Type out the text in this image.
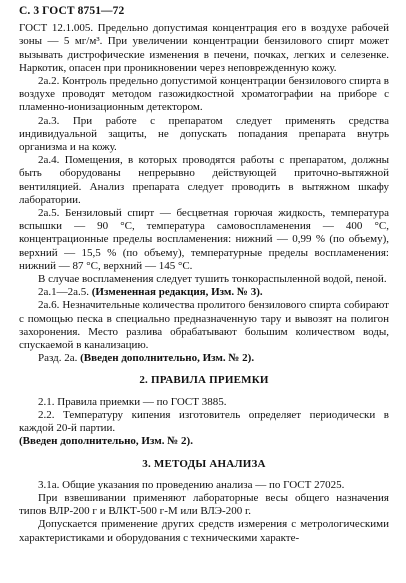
С. 3 ГОСТ 8751—72

ГОСТ 12.1.005. Предельно допустимая концентрация его в воздухе рабочей зоны — 5 мг/м³. При увеличении концентрации бензилового спирт может вызывать дистрофические изменения в печени, почках, легких и селезенке. Наркотик, опасен при проникновении через неповрежденную кожу.

2а.2. Контроль предельно допустимой концентрации бензилового спирта в воздухе проводят методом газожидкостной хроматографии на приборе с пламенно-ионизационным детектором.

2а.3. При работе с препаратом следует применять средства индивидуальной защиты, не допускать попадания препарата внутрь организма и на кожу.

2а.4. Помещения, в которых проводятся работы с препаратом, должны быть оборудованы непрерывно действующей приточно-вытяжной вентиляцией. Анализ препарата следует проводить в вытяжном шкафу лаборатории.

2а.5. Бензиловый спирт — бесцветная горючая жидкость, температура вспышки — 90 °С, температура самовоспламенения — 400 °С, концентрационные пределы воспламенения: нижний — 0,99 % (по объему), верхний — 15,5 % (по объему), температурные пределы воспламенения: нижний — 87 °С, верхний — 145 °С.

В случае воспламенения следует тушить тонкораспыленной водой, пеной.

2а.1—2а.5. (Измененная редакция, Изм. № 3).

2а.6. Незначительные количества пролитого бензилового спирта собирают с помощью песка в специально предназначенную тару и вывозят на полигон захоронения. Место разлива обрабатывают большим количеством воды, спускаемой в канализацию.

Разд. 2а. (Введен дополнительно, Изм. № 2).

2. ПРАВИЛА ПРИЕМКИ

2.1. Правила приемки — по ГОСТ 3885.

2.2. Температуру кипения изготовитель определяет периодически в каждой 20-й партии.

(Введен дополнительно, Изм. № 2).

3. МЕТОДЫ АНАЛИЗА

3.1а. Общие указания по проведению анализа — по ГОСТ 27025.

При взвешивании применяют лабораторные весы общего назначения типов ВЛР-200 г и ВЛКТ-500 г-М или ВЛЭ-200 г.

Допускается применение других средств измерения с метрологическими характеристиками и оборудования с техническими характе-
